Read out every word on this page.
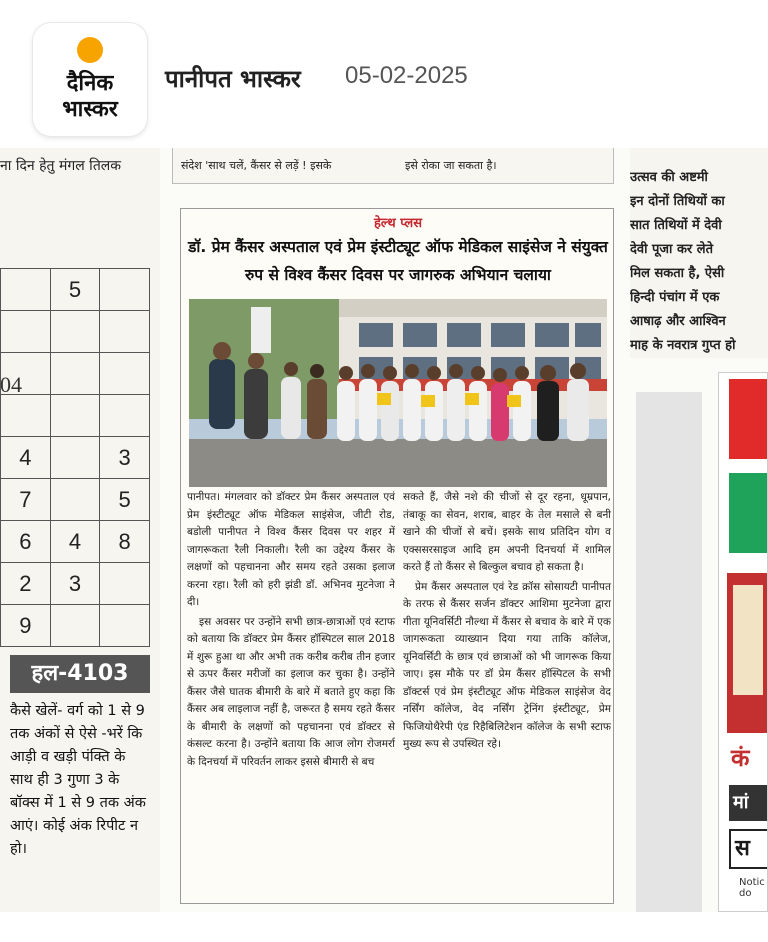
दैनिक
भास्कर
पानीपत भास्कर 05-02-2025
ना दिन हेतु मंगल तिलक
04
	5	

4		3
7		5
6	4	8
2	3	
9		
हल-4103
कैसे खेलें- वर्ग को 1 से 9 तक अंकों से ऐसे -भरें कि आड़ी व खड़ी पंक्ति के साथ ही 3 गुणा 3 के बॉक्स में 1 से 9 तक अंक आएं। कोई अंक रिपीट न हो।
संदेश 'साथ चलें, कैंसर से लड़ें ! इसके	इसे रोका जा सकता है।
हेल्थ प्लस
डॉ. प्रेम कैंसर अस्पताल एवं प्रेम इंस्टीट्यूट ऑफ मेडिकल साइंसेज ने संयुक्त रुप से विश्व कैंसर दिवस पर जागरुक अभियान चलाया

पानीपत। मंगलवार को डॉक्टर प्रेम कैंसर अस्पताल एवं प्रेम इंस्टीट्यूट ऑफ मेडिकल साइंसेज, जीटी रोड, बडोली पानीपत ने विश्व कैंसर दिवस पर शहर में जागरूकता रैली निकाली। रैली का उद्देश्य कैंसर के लक्षणों को पहचानना और समय रहते उसका इलाज करना रहा। रैली को हरी झंडी डॉ. अभिनव मुटनेजा ने दी।

इस अवसर पर उन्होंने सभी छात्र-छात्राओं एवं स्टाफ को बताया कि डॉक्टर प्रेम कैंसर हॉस्पिटल साल 2018 में शुरू हुआ था और अभी तक करीब करीब तीन हजार से ऊपर कैंसर मरीजों का इलाज कर चुका है। उन्होंने कैंसर जैसे घातक बीमारी के बारे में बताते हुए कहा कि कैंसर अब लाइलाज नहीं है, जरूरत है समय रहते कैंसर के बीमारी के लक्षणों को पहचानना एवं डॉक्टर से कंसल्ट करना है। उन्होंने बताया कि आज लोग रोजमर्रा के दिनचर्या में परिवर्तन लाकर इससे बीमारी से बच

सकते हैं, जैसे नशे की चीजों से दूर रहना, धूम्रपान, तंबाकू का सेवन, शराब, बाहर के तेल मसाले से बनी खाने की चीजों से बचें। इसके साथ प्रतिदिन योग व एक्ससरसाइज आदि हम अपनी दिनचर्या में शामिल करते हैं तो कैंसर से बिल्कुल बचाव हो सकता है।

प्रेम कैंसर अस्पताल एवं रेड क्रॉस सोसायटी पानीपत के तरफ से कैंसर सर्जन डॉक्टर आशिमा मुटनेजा द्वारा गीता यूनिवर्सिटी नौल्था में कैंसर से बचाव के बारे में एक जागरूकता व्याख्यान दिया गया ताकि कॉलेज, यूनिवर्सिटी के छात्र एवं छात्राओं को भी जागरूक किया जाए। इस मौके पर डॉ प्रेम कैंसर हॉस्पिटल के सभी डॉक्टर्स एवं प्रेम इंस्टीट्यूट ऑफ मेडिकल साइंसेज वेद नर्सिंग कॉलेज, वेद नर्सिंग ट्रेनिंग इंस्टीट्यूट, प्रेम फिजियोथैरेपी एंड रिहैबिलिटेशन कॉलेज के सभी स्टाफ मुख्य रूप से उपस्थित रहे।

उत्सव की अष्टमी
इन दोनों तिथियों का
सात तिथियों में देवी
देवी पूजा कर लेते
मिल सकता है, ऐसी
हिन्दी पंचांग में एक
आषाढ़ और आश्विन
माह के नवरात्र गुप्त हो
कं
मां
स
Notic do
